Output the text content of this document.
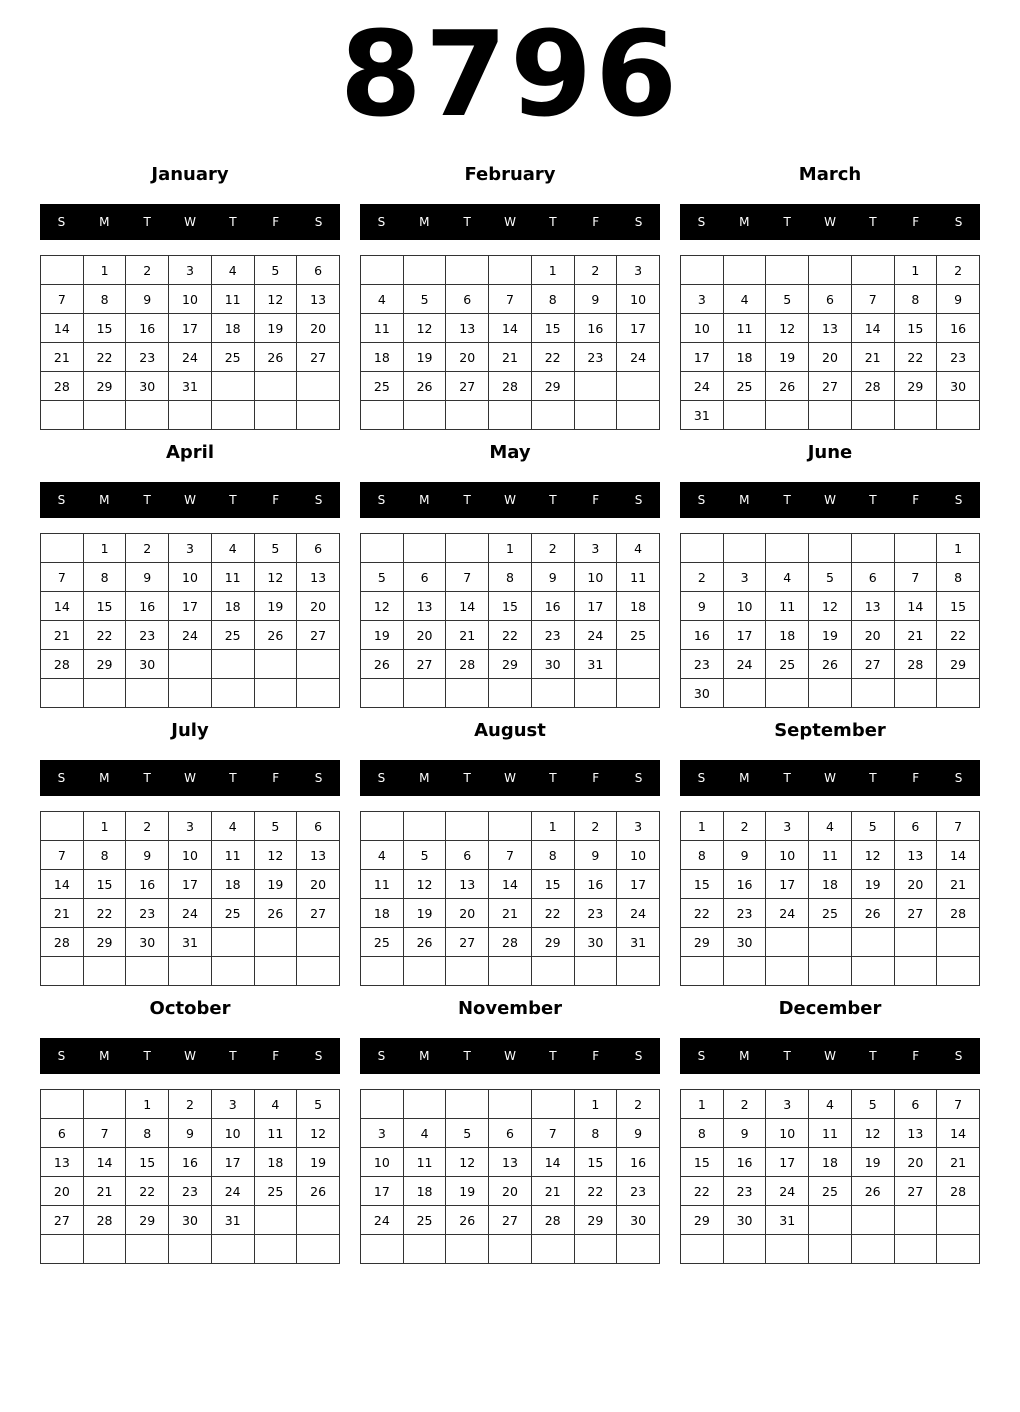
8796
January
S	M	T	W	T	F	S
	1	2	3	4	5	6
7	8	9	10	11	12	13
14	15	16	17	18	19	20
21	22	23	24	25	26	27
28	29	30	31			

February
S	M	T	W	T	F	S
				1	2	3
4	5	6	7	8	9	10
11	12	13	14	15	16	17
18	19	20	21	22	23	24
25	26	27	28	29		

March
S	M	T	W	T	F	S
					1	2
3	4	5	6	7	8	9
10	11	12	13	14	15	16
17	18	19	20	21	22	23
24	25	26	27	28	29	30
31						
April
S	M	T	W	T	F	S
	1	2	3	4	5	6
7	8	9	10	11	12	13
14	15	16	17	18	19	20
21	22	23	24	25	26	27
28	29	30				

May
S	M	T	W	T	F	S
			1	2	3	4
5	6	7	8	9	10	11
12	13	14	15	16	17	18
19	20	21	22	23	24	25
26	27	28	29	30	31	

June
S	M	T	W	T	F	S
						1
2	3	4	5	6	7	8
9	10	11	12	13	14	15
16	17	18	19	20	21	22
23	24	25	26	27	28	29
30						
July
S	M	T	W	T	F	S
	1	2	3	4	5	6
7	8	9	10	11	12	13
14	15	16	17	18	19	20
21	22	23	24	25	26	27
28	29	30	31			

August
S	M	T	W	T	F	S
				1	2	3
4	5	6	7	8	9	10
11	12	13	14	15	16	17
18	19	20	21	22	23	24
25	26	27	28	29	30	31

September
S	M	T	W	T	F	S
1	2	3	4	5	6	7
8	9	10	11	12	13	14
15	16	17	18	19	20	21
22	23	24	25	26	27	28
29	30					

October
S	M	T	W	T	F	S
		1	2	3	4	5
6	7	8	9	10	11	12
13	14	15	16	17	18	19
20	21	22	23	24	25	26
27	28	29	30	31		

November
S	M	T	W	T	F	S
					1	2
3	4	5	6	7	8	9
10	11	12	13	14	15	16
17	18	19	20	21	22	23
24	25	26	27	28	29	30

December
S	M	T	W	T	F	S
1	2	3	4	5	6	7
8	9	10	11	12	13	14
15	16	17	18	19	20	21
22	23	24	25	26	27	28
29	30	31				
